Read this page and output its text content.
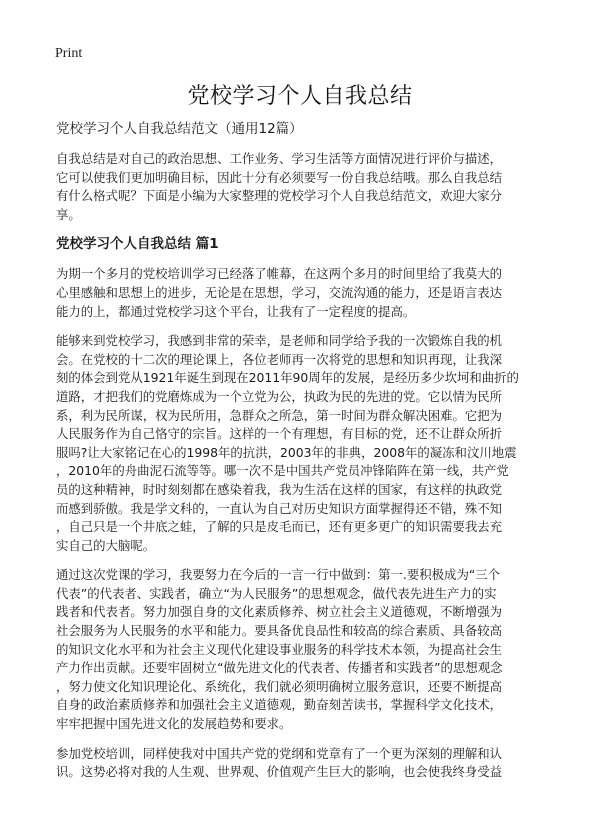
Print
党校学习个人自我总结
党校学习个人自我总结范文（通用12篇）
自我总结是对自己的政治思想、工作业务、学习生活等方面情况进行评价与描述，
它可以使我们更加明确目标，因此十分有必须要写一份自我总结哦。那么自我总结
有什么格式呢？下面是小编为大家整理的党校学习个人自我总结范文，欢迎大家分
享。
党校学习个人自我总结 篇1
为期一个多月的党校培训学习已经落了帷幕，在这两个多月的时间里给了我莫大的
心里感触和思想上的进步，无论是在思想，学习，交流沟通的能力，还是语言表达
能力的上，都通过党校学习这个平台，让我有了一定程度的提高。
能够来到党校学习，我感到非常的荣幸，是老师和同学给予我的一次锻炼自我的机
会。在党校的十二次的理论课上，各位老师再一次将党的思想和知识再现，让我深
刻的体会到党从1921年诞生到现在2011年90周年的发展，是经历多少坎坷和曲折的
道路，才把我们的党磨炼成为一个立党为公，执政为民的先进的党。它以情为民所
系，利为民所谋，权为民所用，急群众之所急，第一时间为群众解决困难。它把为
人民服务作为自己恪守的宗旨。这样的一个有理想，有目标的党，还不让群众所折
服吗?让大家铭记在心的1998年的抗洪，2003年的非典，2008年的凝冻和汶川地震
，2010年的舟曲泥石流等等。哪一次不是中国共产党员冲锋陷阵在第一线，共产党
员的这种精神，时时刻刻都在感染着我，我为生活在这样的国家，有这样的执政党
而感到骄傲。我是学文科的，一直认为自己对历史知识方面掌握得还不错，殊不知
，自己只是一个井底之蛙，了解的只是皮毛而已，还有更多更广的知识需要我去充
实自己的大脑呢。
通过这次党课的学习，我要努力在今后的一言一行中做到：第一.要积极成为“三个
代表”的代表者、实践者，确立“为人民服务”的思想观念，做代表先进生产力的实
践者和代表者。努力加强自身的文化素质修养、树立社会主义道德观，不断增强为
社会服务为人民服务的水平和能力。要具备优良品性和较高的综合素质、具备较高
的知识文化水平和为社会主义现代化建设事业服务的科学技术本领，为提高社会生
产力作出贡献。还要牢固树立“做先进文化的代表者、传播者和实践者”的思想观念
，努力使文化知识理论化、系统化，我们就必须明确树立服务意识，还要不断提高
自身的政治素质修养和加强社会主义道德观，勤奋刻苦读书，掌握科学文化技术，
牢牢把握中国先进文化的发展趋势和要求。
参加党校培训，同样使我对中国共产党的党纲和党章有了一个更为深刻的理解和认
识。这势必将对我的人生观、世界观、价值观产生巨大的影响，也会使我终身受益
